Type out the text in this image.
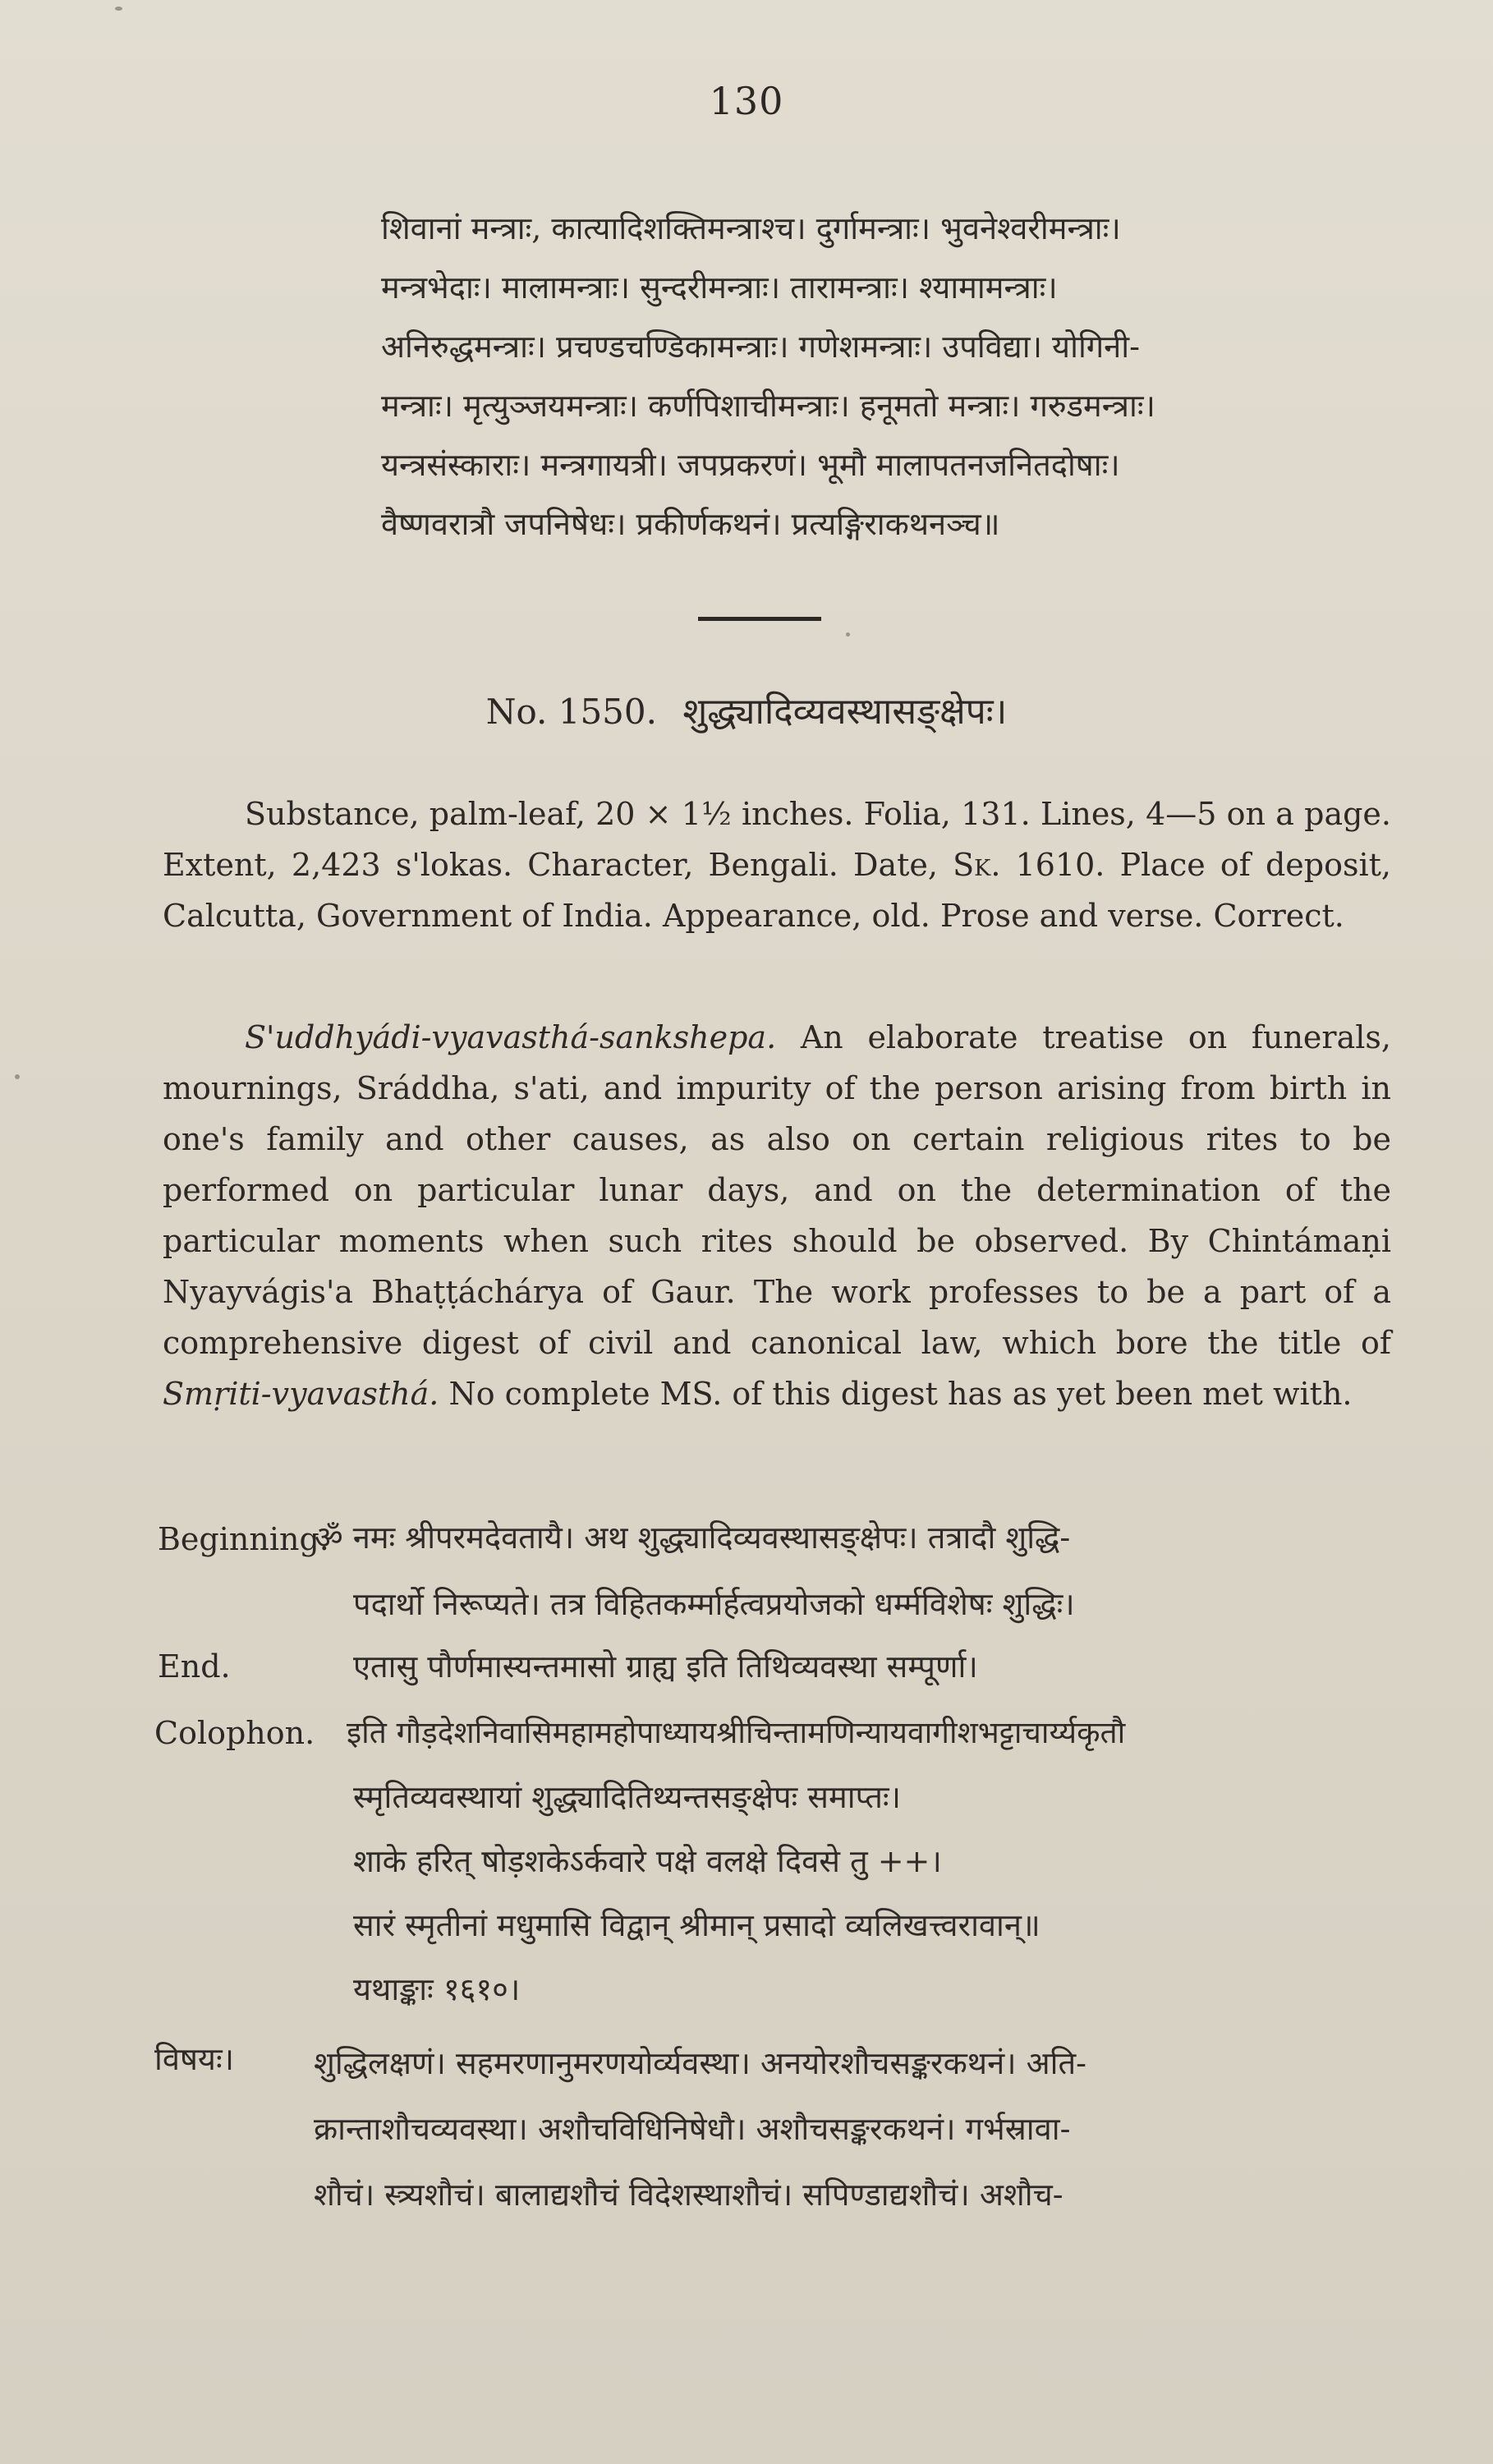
130
शिवानां मन्त्राः, कात्यादिशक्तिमन्त्राश्च। दुर्गामन्त्राः। भुवनेश्वरीमन्त्राः।
मन्त्रभेदाः। मालामन्त्राः। सुन्दरीमन्त्राः। तारामन्त्राः। श्यामामन्त्राः।
अनिरुद्धमन्त्राः। प्रचण्डचण्डिकामन्त्राः। गणेशमन्त्राः। उपविद्या। योगिनी-
मन्त्राः। मृत्युञ्जयमन्त्राः। कर्णपिशाचीमन्त्राः। हनूमतो मन्त्राः। गरुडमन्त्राः।
यन्त्रसंस्काराः। मन्त्रगायत्री। जपप्रकरणं। भूमौ मालापतनजनितदोषाः।
वैष्णवरात्रौ जपनिषेधः। प्रकीर्णकथनं। प्रत्यङ्गिराकथनञ्च॥
No. 1550. शुद्ध्यादिव्यवस्थासङ्क्षेपः।
Substance, palm-leaf, 20 × 1½ inches. Folia, 131. Lines, 4—5 on a page. Extent, 2,423 s'lokas. Character, Bengali. Date, Sk. 1610. Place of deposit, Calcutta, Government of India. Appearance, old. Prose and verse. Correct.
S'uddhyádi-vyavasthá-sankshepa. An elaborate treatise on funerals, mournings, Sráddha, s'ati, and impurity of the person arising from birth in one's family and other causes, as also on certain religious rites to be performed on particular lunar days, and on the determination of the particular moments when such rites should be observed. By Chintámaṇi Nyayvágis'a Bhaṭṭáchárya of Gaur. The work professes to be a part of a comprehensive digest of civil and canonical law, which bore the title of Smṛiti-vyavasthá. No complete MS. of this digest has as yet been met with.
Beginning.
ॐ नमः श्रीपरमदेवतायै। अथ शुद्ध्यादिव्यवस्थासङ्क्षेपः। तत्रादौ शुद्धि-
पदार्थो निरूप्यते। तत्र विहितकर्म्मार्हत्वप्रयोजको धर्म्मविशेषः शुद्धिः।
End.	एतासु पौर्णमास्यन्तमासो ग्राह्य इति तिथिव्यवस्था सम्पूर्णा।
Colophon. इति गौड़देशनिवासिमहामहोपाध्यायश्रीचिन्तामणिन्यायवागीशभट्टाचार्य्यकृतौ
स्मृतिव्यवस्थायां शुद्ध्यादितिथ्यन्तसङ्क्षेपः समाप्तः।
शाके हरित् षोड़शकेऽर्कवारे पक्षे वलक्षे दिवसे तु ++।
सारं स्मृतीनां मधुमासि विद्वान् श्रीमान् प्रसादो व्यलिखत्त्वरावान्॥
यथाङ्काः १६१०।
विषयः।	शुद्धिलक्षणं। सहमरणानुमरणयोर्व्यवस्था। अनयोरशौचसङ्करकथनं। अति-
क्रान्ताशौचव्यवस्था। अशौचविधिनिषेधौ। अशौचसङ्करकथनं। गर्भस्रावा-
शौचं। स्त्र्यशौचं। बालाद्यशौचं विदेशस्थाशौचं। सपिण्डाद्यशौचं। अशौच-
